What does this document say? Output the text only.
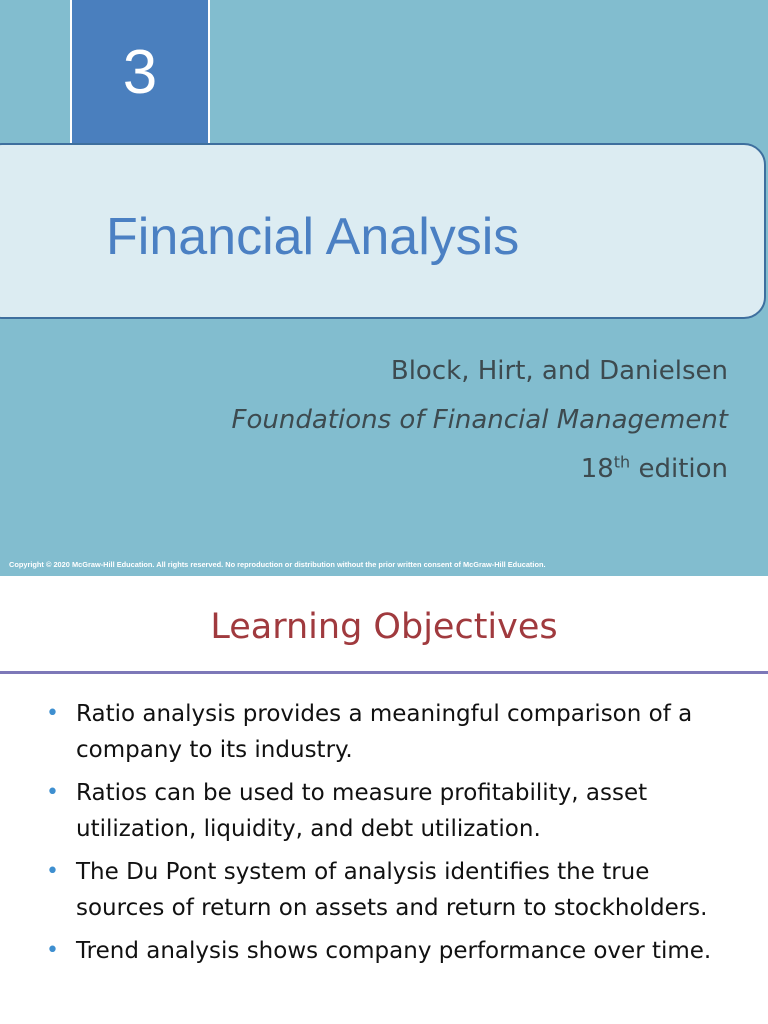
3
Financial Analysis
Block, Hirt, and Danielsen
Foundations of Financial Management
18th edition
Copyright © 2020 McGraw-Hill Education. All rights reserved. No reproduction or distribution without the prior written consent of McGraw-Hill Education.
Learning Objectives
• Ratio analysis provides a meaningful comparison of a company to its industry.
• Ratios can be used to measure profitability, asset utilization, liquidity, and debt utilization.
• The Du Pont system of analysis identifies the true sources of return on assets and return to stockholders.
• Trend analysis shows company performance over time.
